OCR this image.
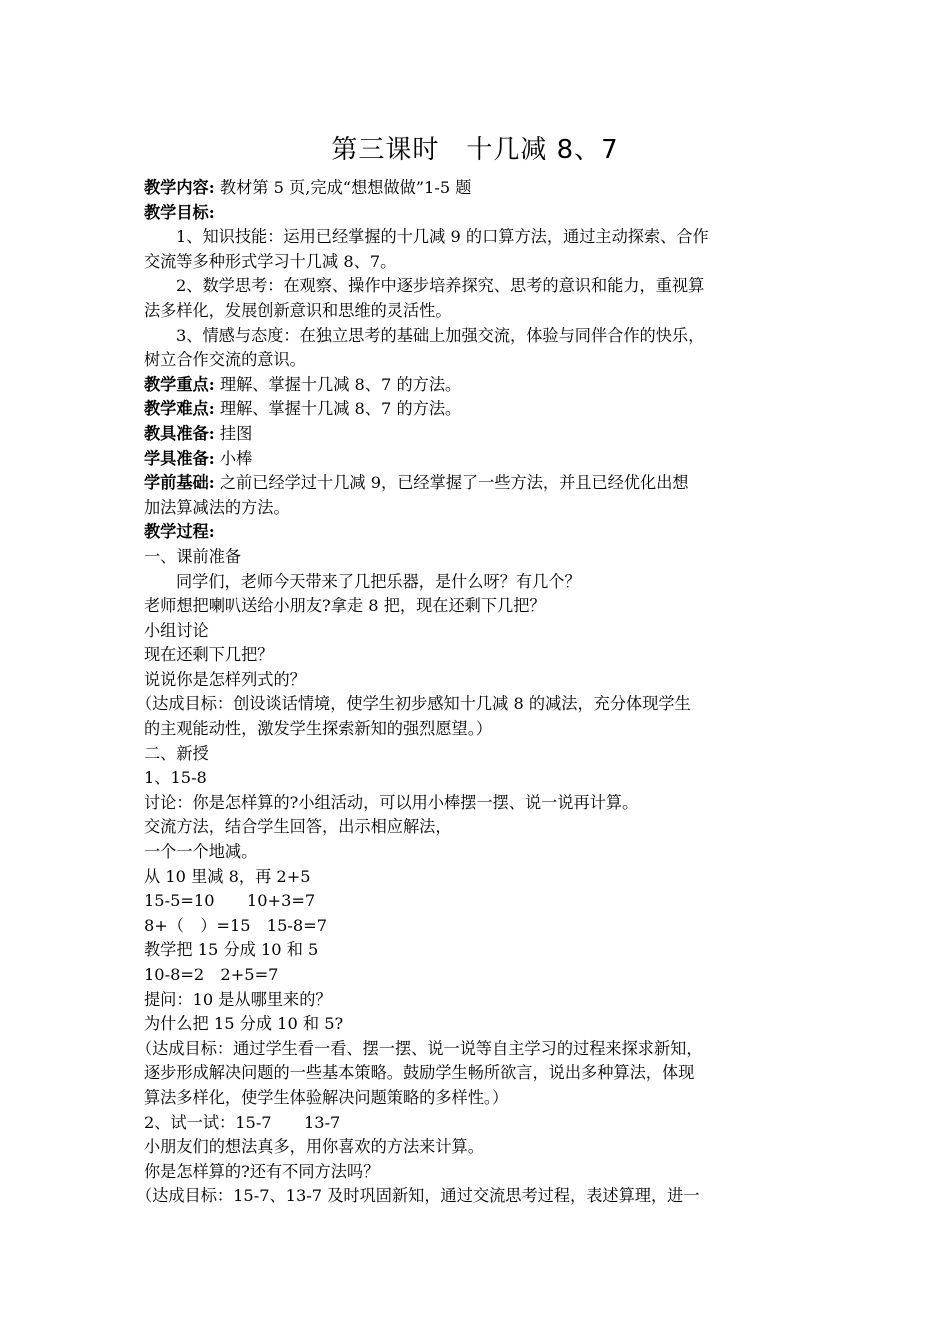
第三课时　十几减 8、7
教学内容: 教材第 5 页,完成“想想做做”1-5 题
教学目标:
1、知识技能：运用已经掌握的十几减 9 的口算方法，通过主动探索、合作
交流等多种形式学习十几减 8、7。
2、数学思考：在观察、操作中逐步培养探究、思考的意识和能力，重视算
法多样化，发展创新意识和思维的灵活性。
3、情感与态度：在独立思考的基础上加强交流，体验与同伴合作的快乐，
树立合作交流的意识。
教学重点: 理解、掌握十几减 8、7 的方法。
教学难点: 理解、掌握十几减 8、7 的方法。
教具准备: 挂图
学具准备: 小棒
学前基础: 之前已经学过十几减 9，已经掌握了一些方法，并且已经优化出想
加法算减法的方法。
教学过程:
一、课前准备
同学们，老师今天带来了几把乐器，是什么呀？有几个？
老师想把喇叭送给小朋友?拿走 8 把，现在还剩下几把？
小组讨论
现在还剩下几把？
说说你是怎样列式的？
（达成目标：创设谈话情境，使学生初步感知十几减 8 的减法，充分体现学生
的主观能动性，激发学生探索新知的强烈愿望。）
二、新授
1、15-8
讨论：你是怎样算的?小组活动，可以用小棒摆一摆、说一说再计算。
交流方法，结合学生回答，出示相应解法，
一个一个地减。
从 10 里减 8，再 2+5
15-5=10　　10+3=7
8+（　）=15　15-8=7
教学把 15 分成 10 和 5
10-8=2　2+5=7
提问：10 是从哪里来的？
为什么把 15 分成 10 和 5?
（达成目标：通过学生看一看、摆一摆、说一说等自主学习的过程来探求新知，
逐步形成解决问题的一些基本策略。鼓励学生畅所欲言，说出多种算法，体现
算法多样化，使学生体验解决问题策略的多样性。）
2、试一试：15-7　　13-7
小朋友们的想法真多，用你喜欢的方法来计算。
你是怎样算的?还有不同方法吗？
（达成目标：15-7、13-7 及时巩固新知，通过交流思考过程，表述算理，进一
